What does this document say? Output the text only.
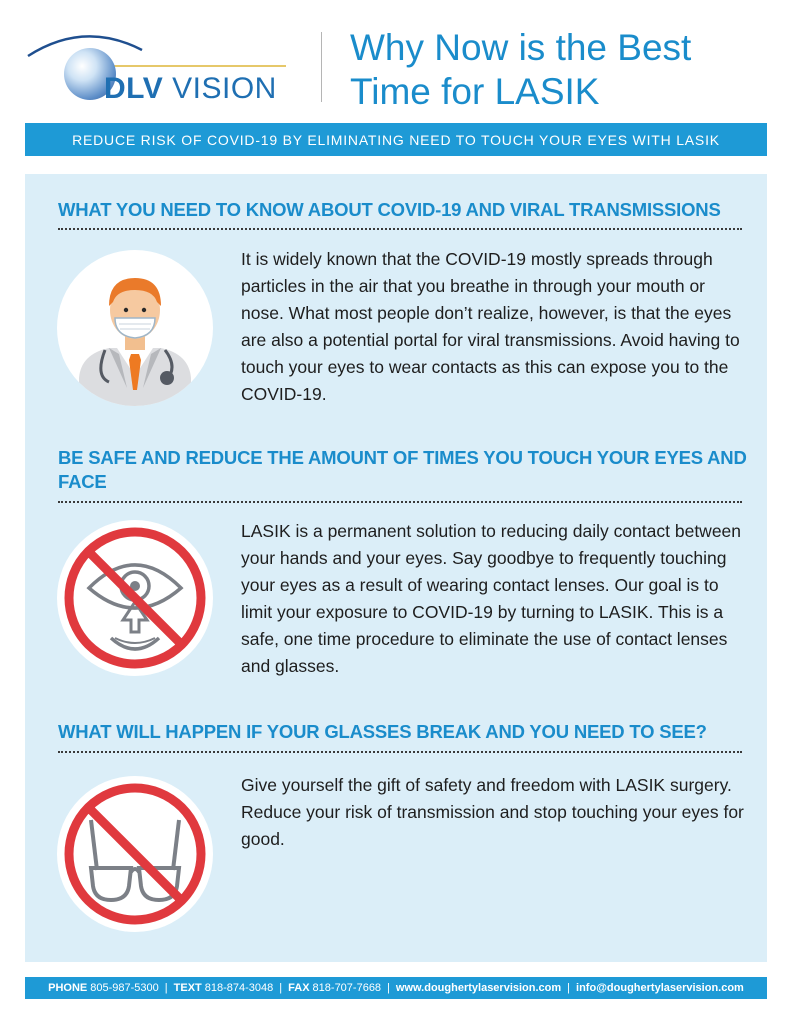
DLV VISION
Why Now is the Best Time for LASIK
REDUCE RISK OF COVID-19 BY ELIMINATING NEED TO TOUCH YOUR EYES WITH LASIK
WHAT YOU NEED TO KNOW ABOUT COVID-19 AND VIRAL TRANSMISSIONS
It is widely known that the COVID-19 mostly spreads through particles in the air that you breathe in through your mouth or nose. What most people don’t realize, however, is that the eyes are also a potential portal for viral transmissions. Avoid having to touch your eyes to wear contacts as this can expose you to the COVID-19.
BE SAFE AND REDUCE THE AMOUNT OF TIMES YOU TOUCH YOUR EYES AND FACE
LASIK is a permanent solution to reducing daily contact between your hands and your eyes. Say goodbye to frequently touching your eyes as a result of wearing contact lenses. Our goal is to limit your exposure to COVID-19 by turning to LASIK. This is a safe, one time procedure to eliminate the use of contact lenses and glasses.
WHAT WILL HAPPEN IF YOUR GLASSES BREAK AND YOU NEED TO SEE?
Give yourself the gift of safety and freedom with LASIK surgery. Reduce your risk of transmission and stop touching your eyes for good.
PHONE 805-987-5300 | TEXT 818-874-3048 | FAX 818-707-7668 | www.doughertylaservision.com | info@doughertylaservision.com
